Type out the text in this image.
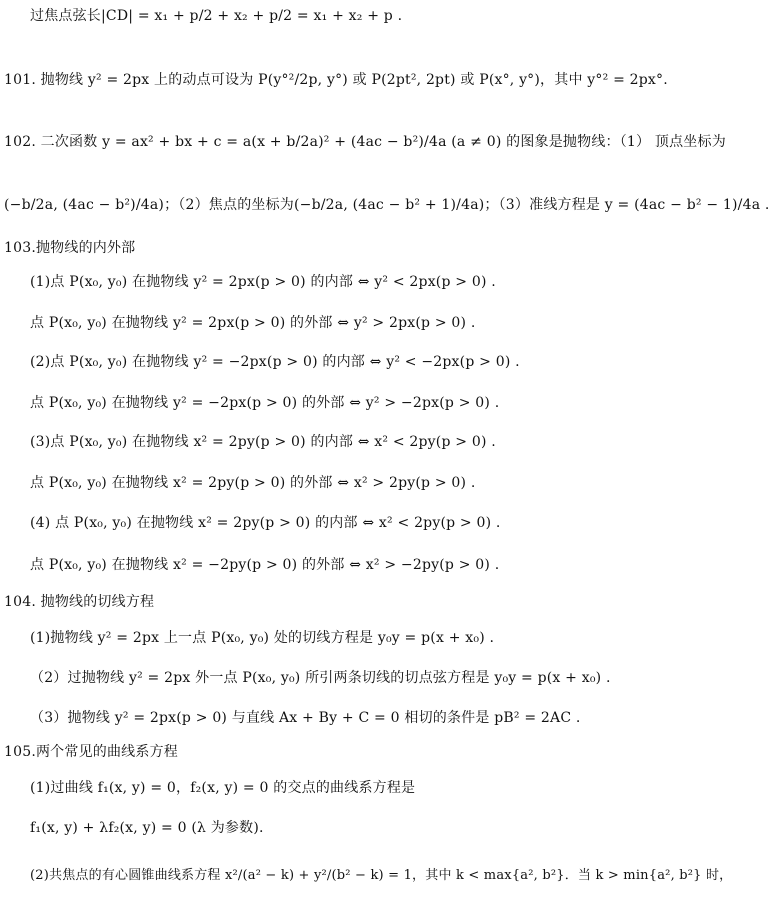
过焦点弦长|CD| = x₁ + p/2 + x₂ + p/2 = x₁ + x₂ + p .
101. 抛物线 y² = 2px 上的动点可设为 P(y°²/2p, y°) 或 P(2pt², 2pt) 或 P(x°, y°)，其中 y°² = 2px°.
102. 二次函数 y = ax² + bx + c = a(x + b/2a)² + (4ac − b²)/4a (a ≠ 0) 的图象是抛物线：（1） 顶点坐标为
(−b/2a, (4ac − b²)/4a)；（2）焦点的坐标为(−b/2a, (4ac − b² + 1)/4a)；（3）准线方程是 y = (4ac − b² − 1)/4a .
103.抛物线的内外部
(1)点 P(x₀, y₀) 在抛物线 y² = 2px(p > 0) 的内部 ⇔ y² < 2px(p > 0) .
点 P(x₀, y₀) 在抛物线 y² = 2px(p > 0) 的外部 ⇔ y² > 2px(p > 0) .
(2)点 P(x₀, y₀) 在抛物线 y² = −2px(p > 0) 的内部 ⇔ y² < −2px(p > 0) .
点 P(x₀, y₀) 在抛物线 y² = −2px(p > 0) 的外部 ⇔ y² > −2px(p > 0) .
(3)点 P(x₀, y₀) 在抛物线 x² = 2py(p > 0) 的内部 ⇔ x² < 2py(p > 0) .
点 P(x₀, y₀) 在抛物线 x² = 2py(p > 0) 的外部 ⇔ x² > 2py(p > 0) .
(4) 点 P(x₀, y₀) 在抛物线 x² = 2py(p > 0) 的内部 ⇔ x² < 2py(p > 0) .
点 P(x₀, y₀) 在抛物线 x² = −2py(p > 0) 的外部 ⇔ x² > −2py(p > 0) .
104. 抛物线的切线方程
(1)抛物线 y² = 2px 上一点 P(x₀, y₀) 处的切线方程是 y₀y = p(x + x₀) .
（2）过抛物线 y² = 2px 外一点 P(x₀, y₀) 所引两条切线的切点弦方程是 y₀y = p(x + x₀) .
（3）抛物线 y² = 2px(p > 0) 与直线 Ax + By + C = 0 相切的条件是 pB² = 2AC .
105.两个常见的曲线系方程
(1)过曲线 f₁(x, y) = 0，f₂(x, y) = 0 的交点的曲线系方程是
f₁(x, y) + λf₂(x, y) = 0 (λ 为参数).
(2)共焦点的有心圆锥曲线系方程 x²/(a² − k) + y²/(b² − k) = 1，其中 k < max{a², b²}．当 k > min{a², b²} 时，
